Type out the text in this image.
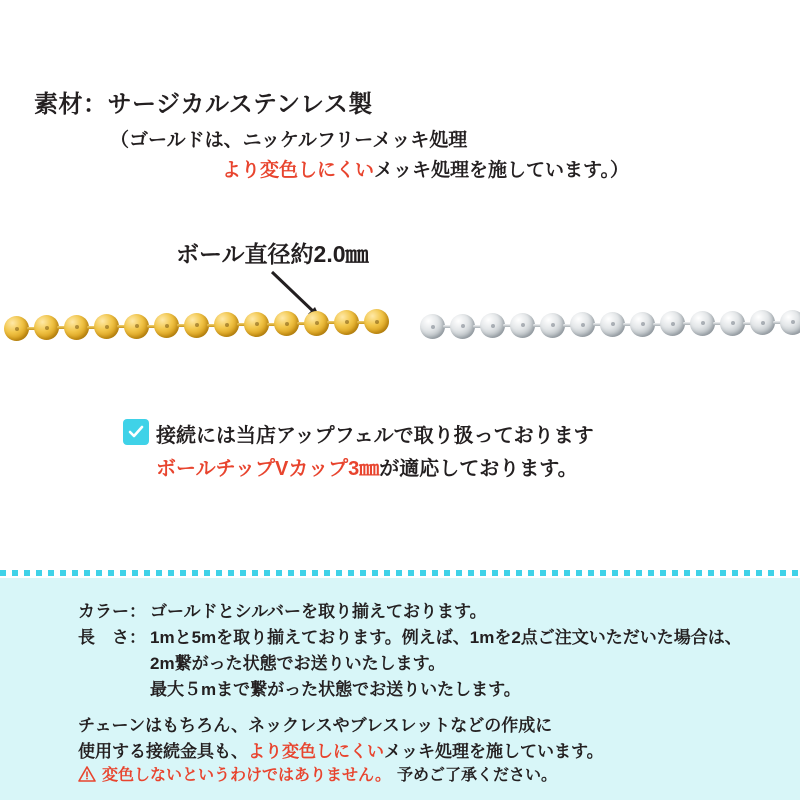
素材：サージカルステンレス製
（ゴールドは、ニッケルフリーメッキ処理
より変色しにくいメッキ処理を施しています。）
ボール直径約2.0㎜
接続には当店アップフェルで取り扱っております
ボールチップVカップ3㎜が適応しております。
カラー： ゴールドとシルバーを取り揃えております。
長　さ： 1mと5mを取り揃えております。例えば、1mを2点ご注文いただいた場合は、
2m繋がった状態でお送りいたします。
最大５mまで繋がった状態でお送りいたします。
チェーンはもちろん、ネックレスやブレスレットなどの作成に
使用する接続金具も、より変色しにくいメッキ処理を施しています。
変色しないというわけではありません。 予めご了承ください。
